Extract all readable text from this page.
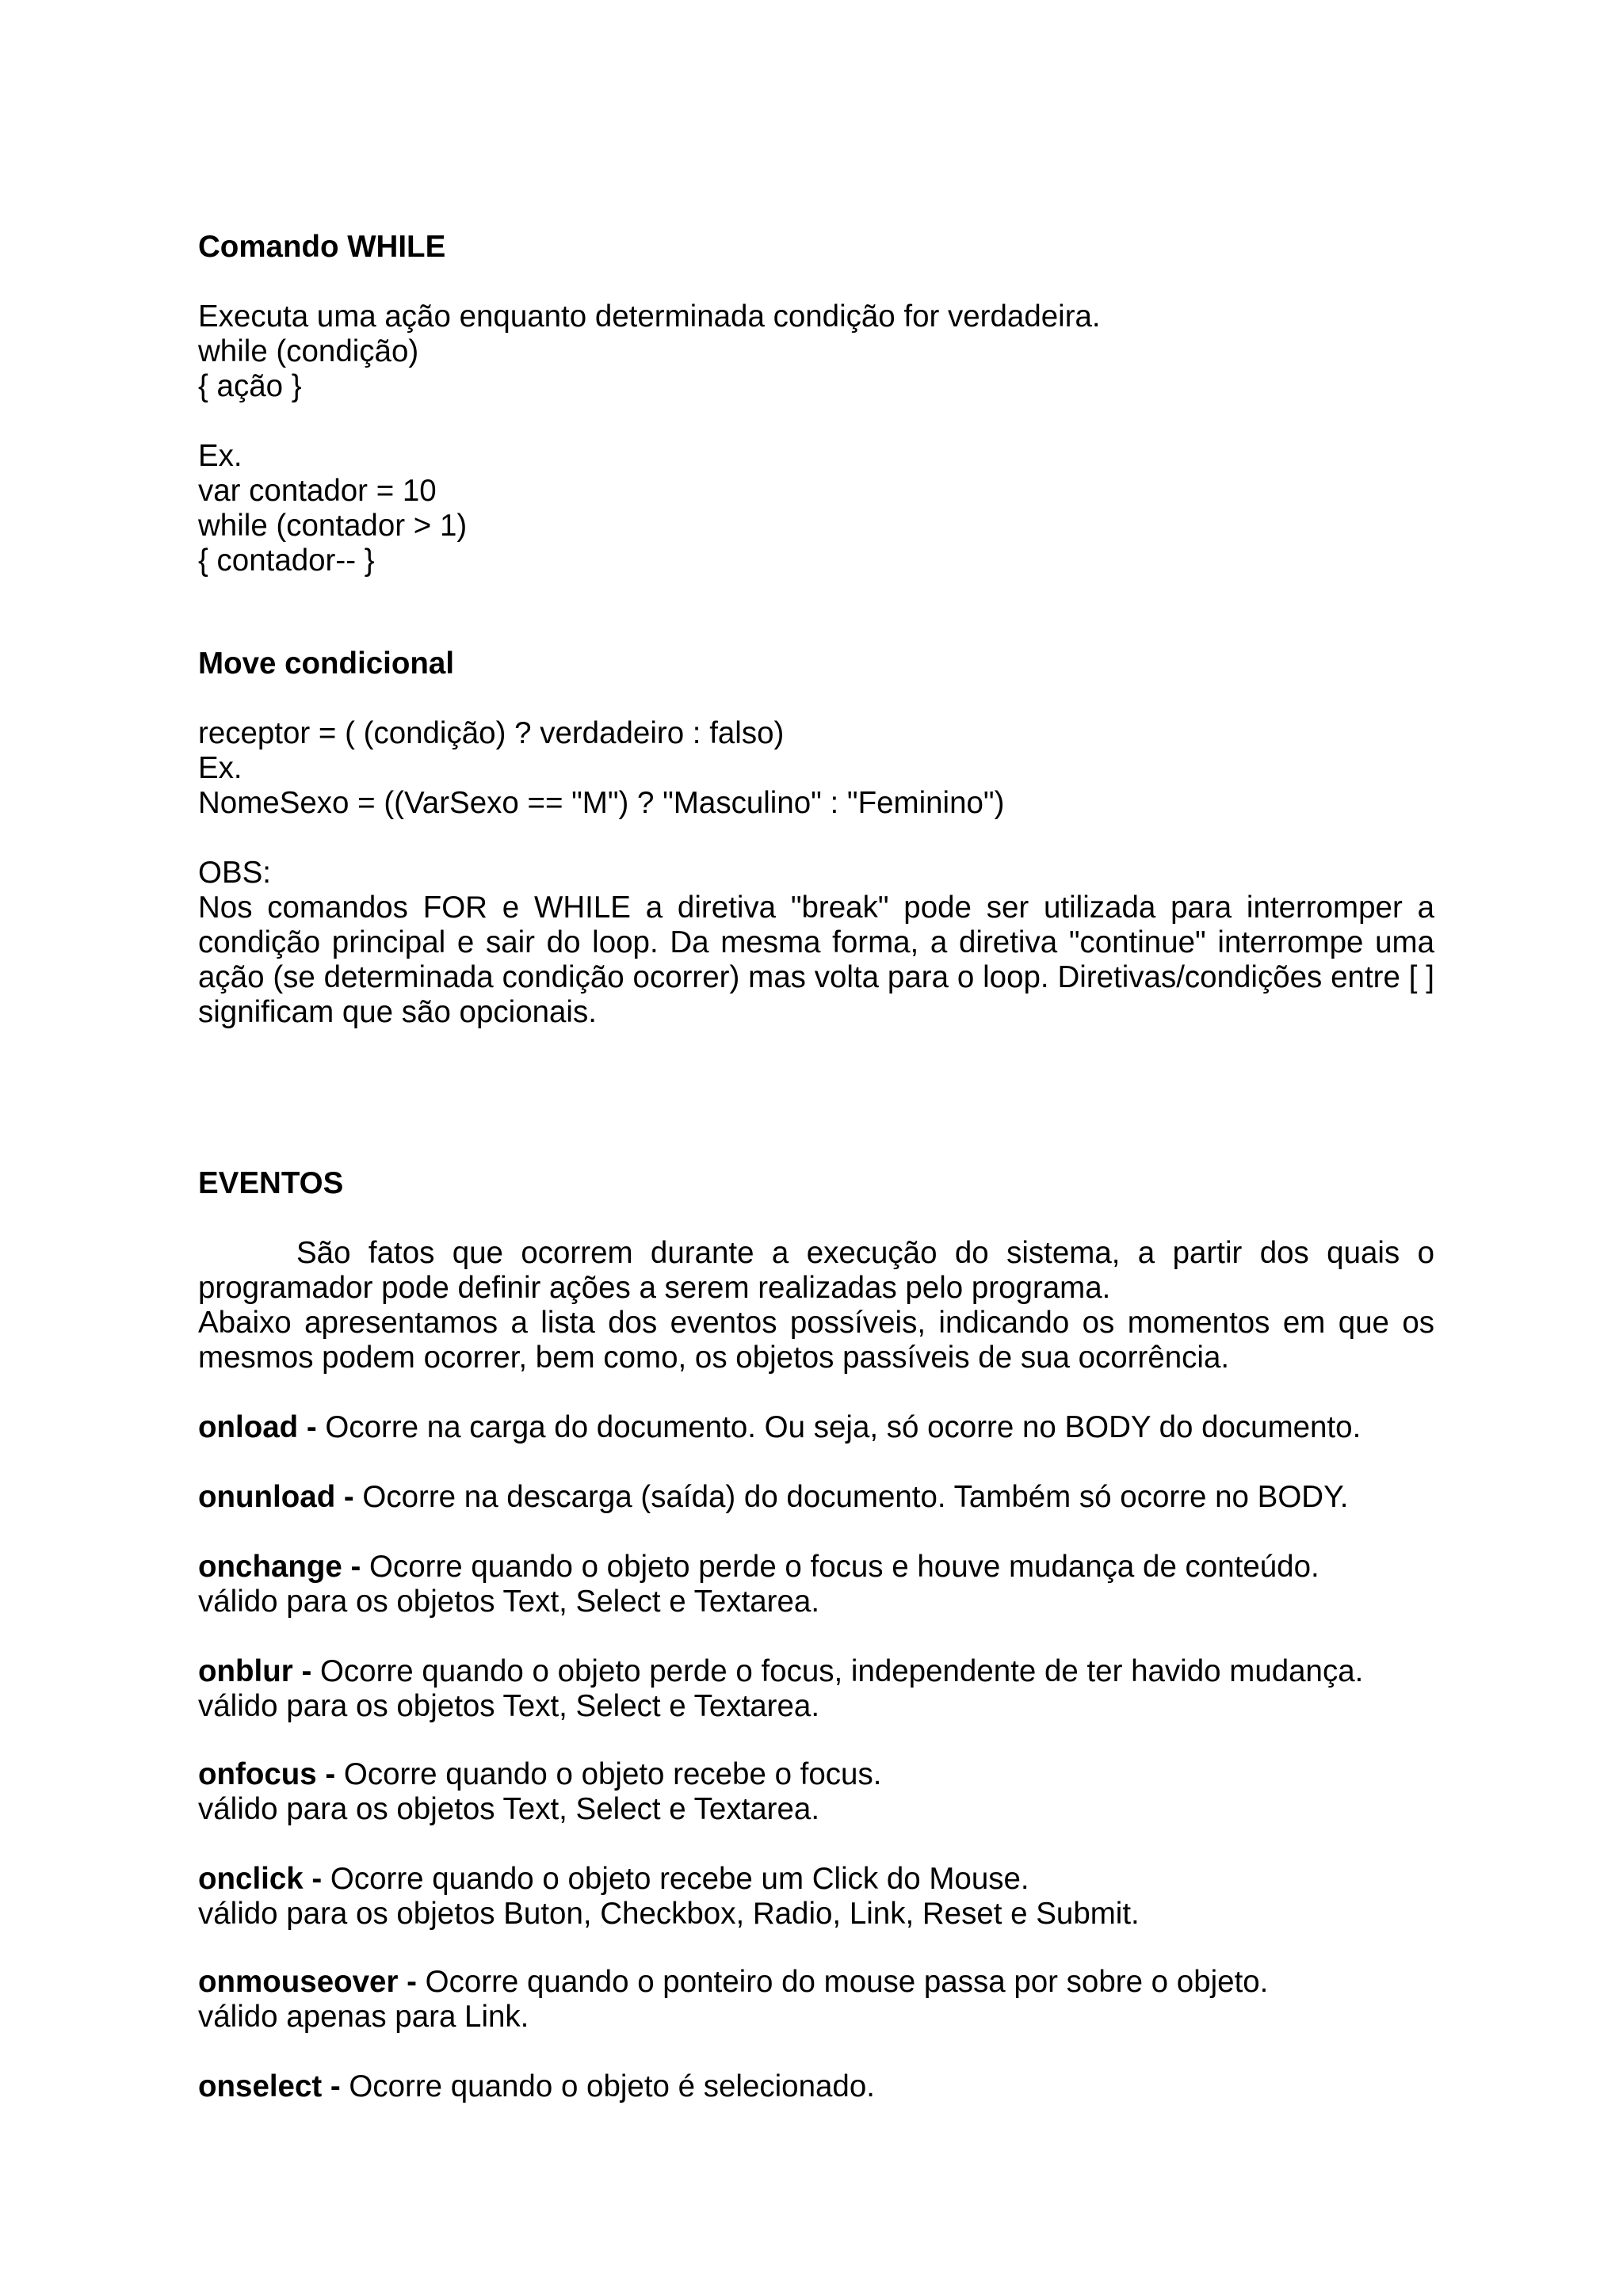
Comando WHILE

Executa uma ação enquanto determinada condição for verdadeira.

while (condição)

{ ação }

Ex.

var contador = 10

while (contador > 1)

{ contador-- }

Move condicional

receptor = ( (condição) ? verdadeiro : falso)

Ex.

NomeSexo = ((VarSexo == "M") ? "Masculino" : "Feminino")

OBS:

Nos comandos FOR e WHILE a diretiva "break" pode ser utilizada para interromper a

condição principal e sair do loop. Da mesma forma, a diretiva "continue" interrompe uma

ação (se determinada condição ocorrer) mas volta para o loop. Diretivas/condições entre [ ]

significam que são opcionais.

EVENTOS

São fatos que ocorrem durante a execução do sistema, a partir dos quais o

programador pode definir ações a serem realizadas pelo programa.

Abaixo apresentamos a lista dos eventos possíveis, indicando os momentos em que os

mesmos podem ocorrer, bem como, os objetos passíveis de sua ocorrência.

onload - Ocorre na carga do documento. Ou seja, só ocorre no BODY do documento.

onunload - Ocorre na descarga (saída) do documento. Também só ocorre no BODY.

onchange - Ocorre quando o objeto perde o focus e houve mudança de conteúdo.

válido para os objetos Text, Select e Textarea.

onblur - Ocorre quando o objeto perde o focus, independente de ter havido mudança.

válido para os objetos Text, Select e Textarea.

onfocus - Ocorre quando o objeto recebe o focus.

válido para os objetos Text, Select e Textarea.

onclick - Ocorre quando o objeto recebe um Click do Mouse.

válido para os objetos Buton, Checkbox, Radio, Link, Reset e Submit.

onmouseover - Ocorre quando o ponteiro do mouse passa por sobre o objeto.

válido apenas para Link.

onselect - Ocorre quando o objeto é selecionado.
